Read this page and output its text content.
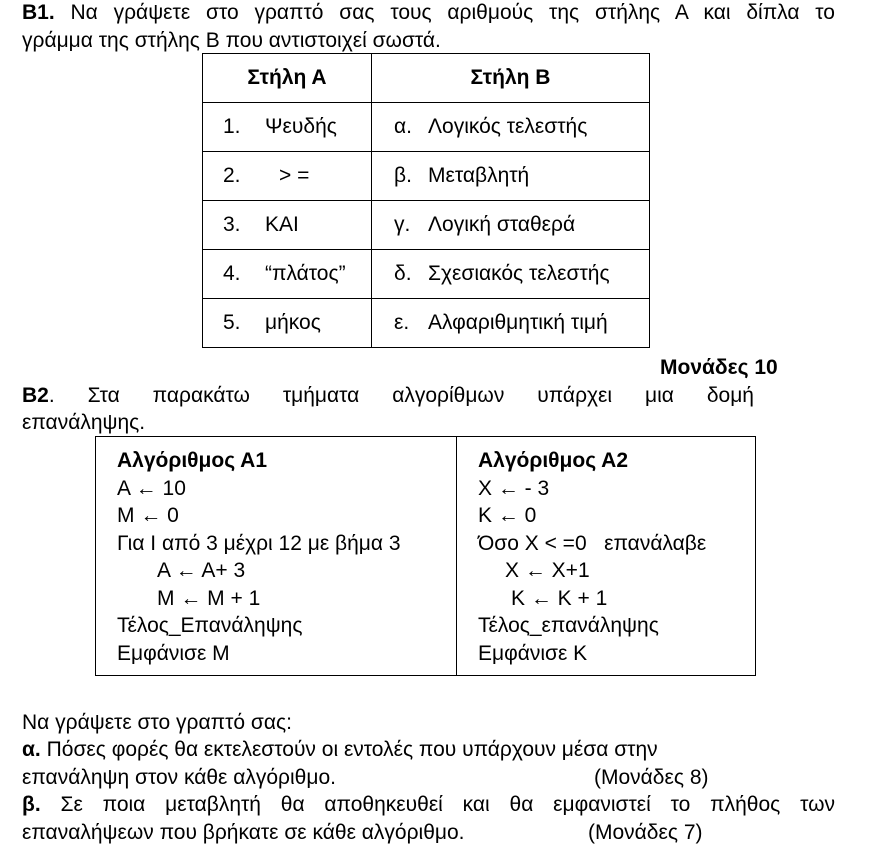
Β1. Να γράψετε στο γραπτό σας τους αριθμούς της στήλης Α και δίπλα το
γράμμα της στήλης Β που αντιστοιχεί σωστά.
Στήλη Α	Στήλη Β
1. Ψευδής	α. Λογικός τελεστής
2. > =	β. Μεταβλητή
3. ΚΑΙ	γ. Λογική σταθερά
4. “πλάτος”	δ. Σχεσιακός τελεστής
5. μήκος	ε. Αλφαριθμητική τιμή
Μονάδες 10
Β2. Στα παρακάτω τμήματα αλγορίθμων υπάρχει μια δομή
επανάληψης.
Αλγόριθμος Α1
Α ← 10
Μ ← 0
Για Ι από 3 μέχρι 12 με βήμα 3
Α ← Α+ 3
Μ ← Μ + 1
Τέλος_Επανάληψης
Εμφάνισε Μ

Αλγόριθμος Α2
Χ ← - 3
Κ ← 0
Όσο Χ < =0   επανάλαβε
Χ ← Χ+1
Κ ← Κ + 1
Τέλος_επανάληψης
Εμφάνισε Κ
Να γράψετε στο γραπτό σας:
α. Πόσες φορές θα εκτελεστούν οι εντολές που υπάρχουν μέσα στην
επανάληψη στον κάθε αλγόριθμο.	(Μονάδες 8)
β. Σε ποια μεταβλητή θα αποθηκευθεί και θα εμφανιστεί το πλήθος των
επαναλήψεων που βρήκατε σε κάθε αλγόριθμο.	(Μονάδες 7)
